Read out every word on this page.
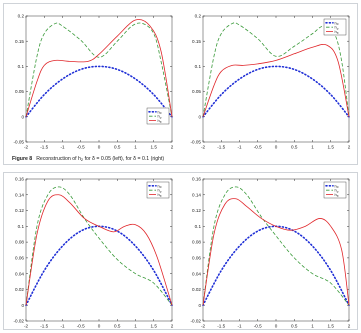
-2	-1.5	-1	-0.5	0	0.5	1	1.5	2
-0.05
0
0.05
0.1
0.15
0.2
$h_0$
$h_\rho$
$h_\theta$
-2	-1.5	-1	-0.5	0	0.5	1	1.5	2
-0.05
0
0.05
0.1
0.15
0.2
$h_0$
$h_\rho$
$h_\theta$
Figure 8 Reconstruction of $h_2$ for δ = 0.05 (left), for δ = 0.1 (right)
-2	-1.5	-1	-0.5	0	0.5	1	1.5	2
-0.02
0
0.02
0.04
0.06
0.08
0.1
0.12
0.14
0.16
$h_0$
$h_\rho$
$h_\theta$
-2	-1.5	-1	-0.5	0	0.5	1	1.5	2
-0.02
0
0.02
0.04
0.06
0.08
0.1
0.12
0.14
0.16
$h_0$
$h_\rho$
$h_\theta$
